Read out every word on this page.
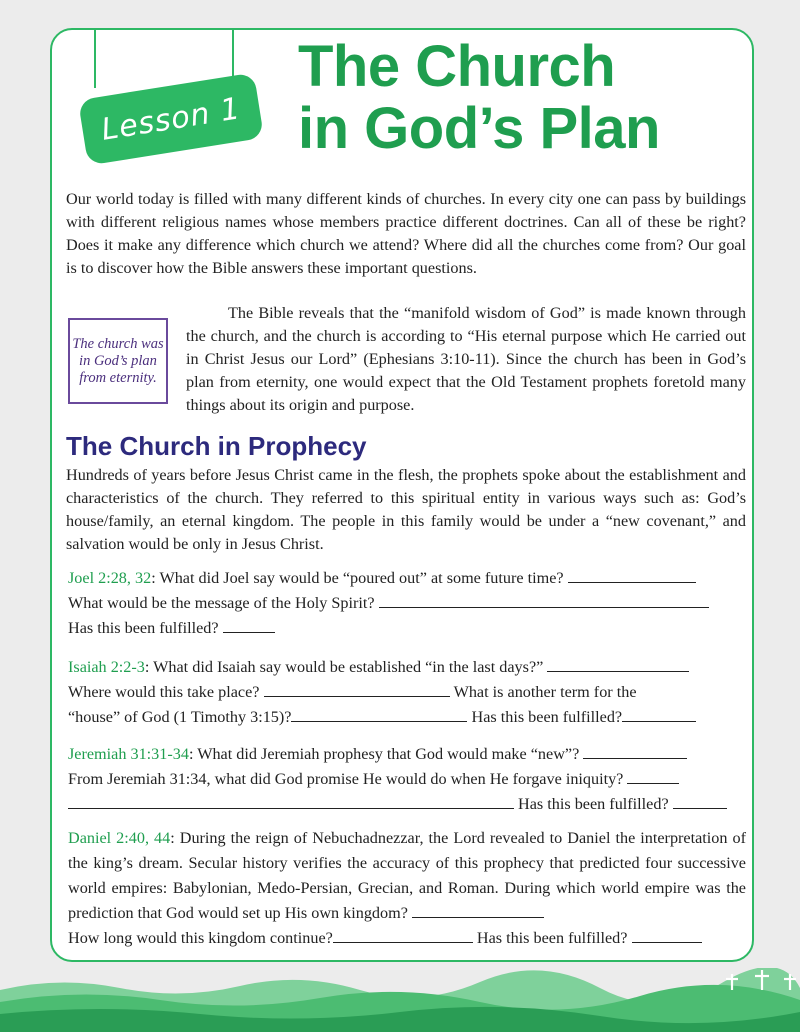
Lesson 1
The Church
in God’s Plan

Our world today is filled with many different kinds of churches. In every city one can pass by buildings with different religious names whose members practice different doctrines. Can all of these be right? Does it make any difference which church we attend? Where did all the churches come from? Our goal is to discover how the Bible answers these important questions.

The church was in God’s plan from eternity.

The Bible reveals that the “manifold wisdom of God” is made known through the church, and the church is according to “His eternal purpose which He carried out in Christ Jesus our Lord” (Ephesians 3:10-11). Since the church has been in God’s plan from eternity, one would expect that the Old Testament prophets foretold many things about its origin and purpose.

The Church in Prophecy

Hundreds of years before Jesus Christ came in the flesh, the prophets spoke about the establishment and characteristics of the church. They referred to this spiritual entity in various ways such as: God’s house/family, an eternal kingdom. The people in this family would be under a “new covenant,” and salvation would be only in Jesus Christ.

Joel 2:28, 32: What did Joel say would be “poured out” at some future time?
What would be the message of the Holy Spirit?
Has this been fulfilled?
Isaiah 2:2-3: What did Isaiah say would be established “in the last days?”
Where would this take place?	What is another term for the
“house” of God (1 Timothy 3:15)?	Has this been fulfilled?
Jeremiah 31:31-34: What did Jeremiah prophesy that God would make “new”?
From Jeremiah 31:34, what did God promise He would do when He forgave iniquity?
Has this been fulfilled?
Daniel 2:40, 44: During the reign of Nebuchadnezzar, the Lord revealed to Daniel the interpretation of the king’s dream. Secular history verifies the accuracy of this prophecy that predicted four successive world empires: Babylonian, Medo-Persian, Grecian, and Roman. During which world empire was the prediction that God would set up His own kingdom?
How long would this kingdom continue?	Has this been fulfilled?
